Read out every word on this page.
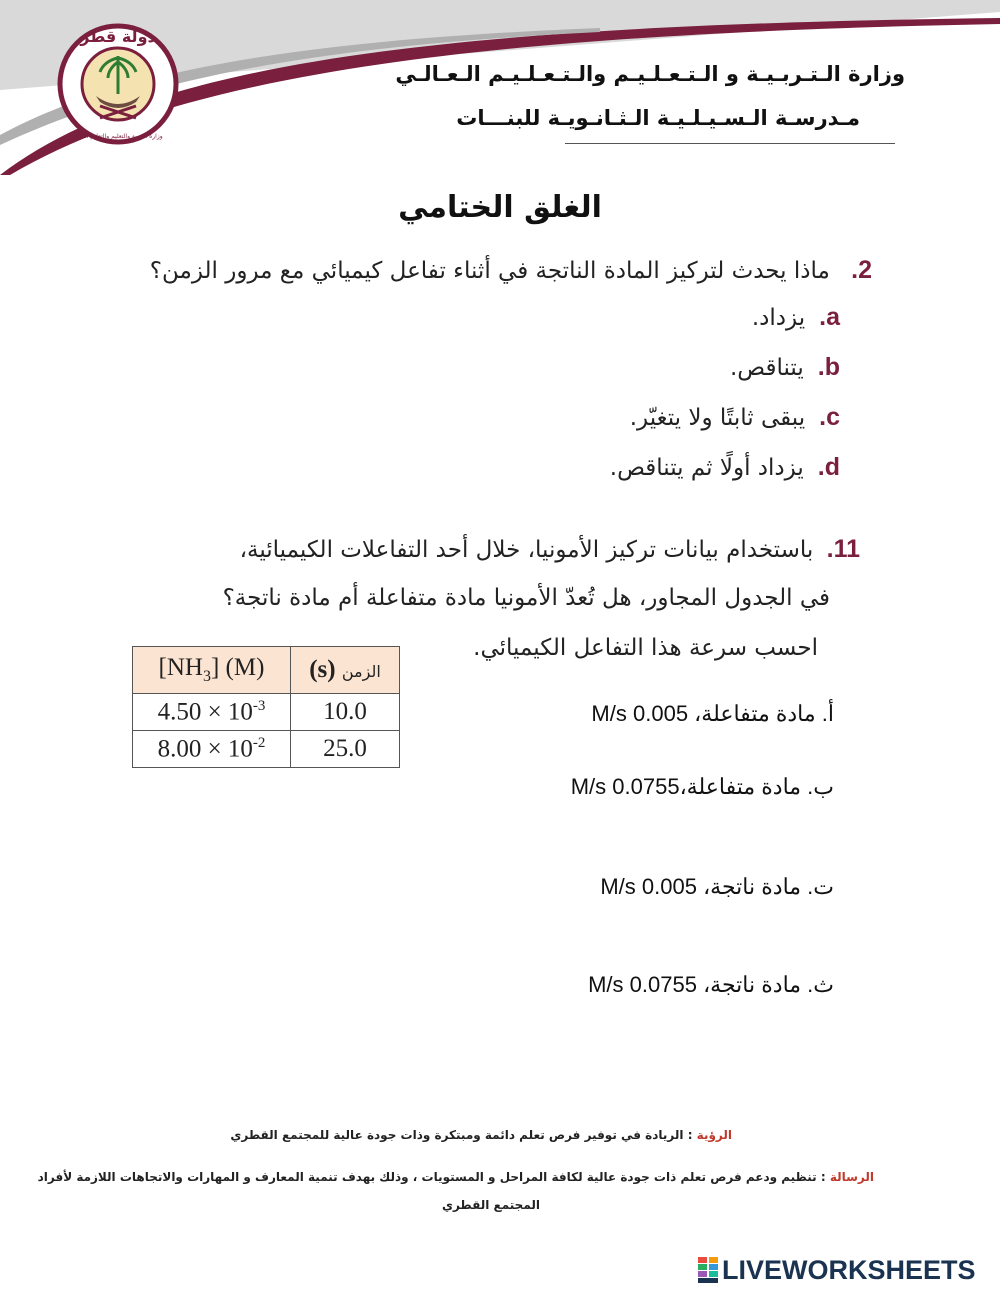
دولة قطر
وزارة التربية والتعليم والتعليم العالي
وزارة الـتـربـيـة و الـتـعـلـيـم والـتـعـلـيـم الـعـالـي
مـدرسـة الـسـيـلـيـة الـثـانـويـة للبنـــات
الغلق الختامي
2. ماذا يحدث لتركيز المادة الناتجة في أثناء تفاعل كيميائي مع مرور الزمن؟
a.يزداد.
b.يتناقص.
c.يبقى ثابتًا ولا يتغيّر.
d.يزداد أولًا ثم يتناقص.
11. باستخدام بيانات تركيز الأمونيا، خلال أحد التفاعلات الكيميائية،
في الجدول المجاور، هل تُعدّ الأمونيا مادة متفاعلة أم مادة ناتجة؟
احسب سرعة هذا التفاعل الكيميائي.
$[NH_3]$ (M)	(s) الزمن
$4.50 \times 10^{-3}$	10.0
$8.00 \times 10^{-2}$	25.0
أ. مادة متفاعلة، 0.005 M/s
ب. مادة متفاعلة،0.0755 M/s
ت. مادة ناتجة، 0.005 M/s
ث. مادة ناتجة، 0.0755 M/s
الرؤية : الريادة في توفير فرص تعلم دائمة ومبتكرة وذات جودة عالية للمجتمع القطري
الرسالة : تنظيم ودعم فرص تعلم ذات جودة عالية لكافة المراحل و المستويات ، وذلك بهدف تنمية المعارف و المهارات والاتجاهات اللازمة لأفراد
المجتمع القطري
LIVEWORKSHEETS
